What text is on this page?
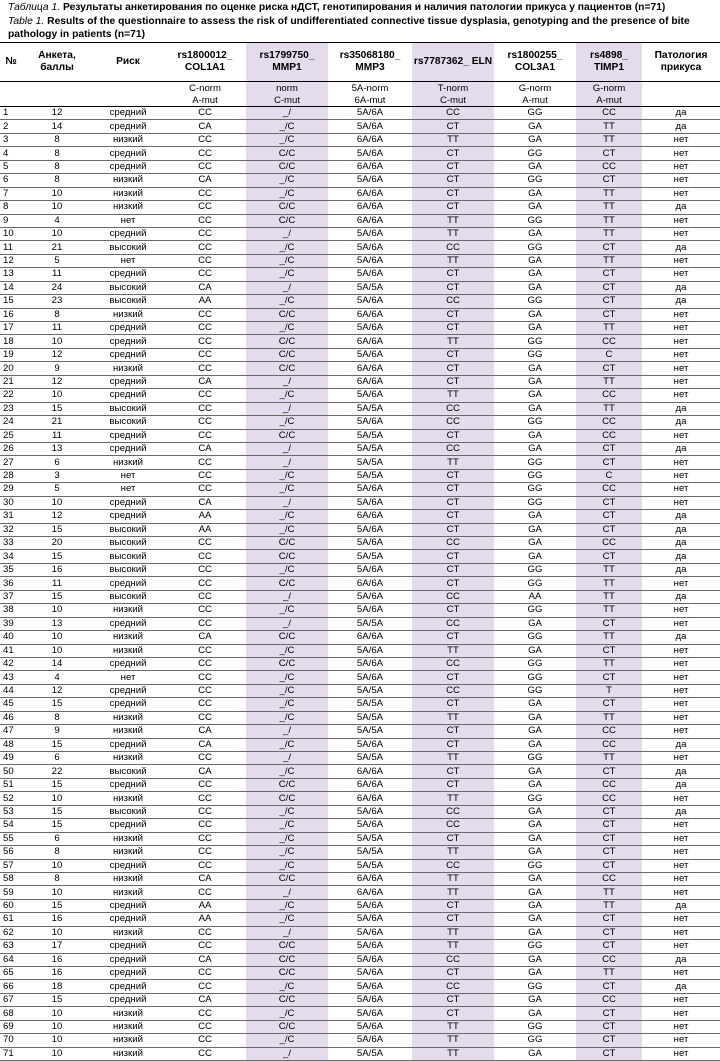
Таблица 1. Результаты анкетирования по оценке риска нДСТ, генотипирования и наличия патологии прикуса у пациентов (n=71)

Table 1. Results of the questionnaire to assess the risk of undifferentiated connective tissue dysplasia, genotyping and the presence of bite pathology in patients (n=71)

№	Анкета, баллы	Риск	rs1800012_ COL1A1	rs1799750_ MMP1	rs35068180_ MMP3	rs7787362_ ELN	rs1800255_ COL3A1	rs4898_ TIMP1	Патология прикуса
			C-norm	norm	5A-norm	T-norm	G-norm	G-norm	
			A-mut	C-mut	6A-mut	C-mut	A-mut	A-mut	
1	12	средний	CC	_/	5A/6A	CC	GG	CC	да
2	14	средний	CA	_/C	5A/6A	CT	GA	TT	да
3	8	низкий	CC	_/C	6A/6A	TT	GA	TT	нет
4	8	средний	CC	C/C	5A/6A	CT	GG	CT	нет
5	8	средний	CC	C/C	6A/6A	CT	GA	CC	нет
6	8	низкий	CA	_/C	5A/6A	CT	GG	CT	нет
7	10	низкий	CC	_/C	6A/6A	CT	GA	TT	нет
8	10	низкий	CC	C/C	6A/6A	CT	GA	TT	да
9	4	нет	CC	C/C	6A/6A	TT	GG	TT	нет
10	10	средний	CC	_/	5A/6A	TT	GA	TT	нет
11	21	высокий	CC	_/C	5A/6A	CC	GG	CT	да
12	5	нет	CC	_/C	5A/6A	TT	GA	TT	нет
13	11	средний	CC	_/C	5A/6A	CT	GA	CT	нет
14	24	высокий	CA	_/	5A/5A	CT	GA	CT	да
15	23	высокий	AA	_/C	5A/6A	CC	GG	CT	да
16	8	низкий	CC	C/C	6A/6A	CT	GA	CT	нет
17	11	средний	CC	_/C	5A/6A	CT	GA	TT	нет
18	10	средний	CC	C/C	6A/6A	TT	GG	CC	нет
19	12	средний	CC	C/C	5A/6A	CT	GG	C	нет
20	9	низкий	CC	C/C	6A/6A	CT	GA	CT	нет
21	12	средний	CA	_/	6A/6A	CT	GA	TT	нет
22	10	средний	CC	_/C	5A/6A	TT	GA	CC	нет
23	15	высокий	CC	_/	5A/5A	CC	GA	TT	да
24	21	высокий	CC	_/C	5A/6A	CC	GG	CC	да
25	11	средний	CC	C/C	5A/5A	CT	GA	CC	нет
26	13	средний	CA	_/	5A/5A	CC	GA	CT	да
27	6	низкий	CC	_/	5A/5A	TT	GG	CT	нет
28	3	нет	CC	_/C	5A/5A	CT	GG	C	нет
29	5	нет	CC	_/C	5A/6A	CT	GG	CC	нет
30	10	средний	CA	_/	5A/6A	CT	GG	CT	нет
31	12	средний	AA	_/C	6A/6A	CT	GA	CT	да
32	15	высокий	AA	_/C	5A/6A	CT	GA	CT	да
33	20	высокий	CC	C/C	5A/6A	CC	GA	CC	да
34	15	высокий	CC	C/C	5A/5A	CT	GA	CT	да
35	16	высокий	CC	_/C	5A/6A	CT	GG	TT	да
36	11	средний	CC	C/C	6A/6A	CT	GG	TT	нет
37	15	высокий	CC	_/	5A/6A	CC	AA	TT	да
38	10	низкий	CC	_/C	5A/6A	CT	GG	TT	нет
39	13	средний	CC	_/	5A/5A	CC	GA	CT	нет
40	10	низкий	CA	C/C	6A/6A	CT	GG	TT	да
41	10	низкий	CC	_/C	5A/6A	TT	GA	CT	нет
42	14	средний	CC	C/C	5A/6A	CC	GG	TT	нет
43	4	нет	CC	_/C	5A/6A	CT	GG	CT	нет
44	12	средний	CC	_/C	5A/5A	CC	GG	T	нет
45	15	средний	CC	_/C	5A/5A	CT	GA	CT	нет
46	8	низкий	CC	_/C	5A/5A	TT	GA	TT	нет
47	9	низкий	CA	_/	5A/5A	CT	GA	CC	нет
48	15	средний	CA	_/C	5A/6A	CT	GA	CC	да
49	6	низкий	CC	_/	5A/5A	TT	GG	TT	нет
50	22	высокий	CA	_/C	6A/6A	CT	GA	CT	да
51	15	средний	CC	C/C	6A/6A	CT	GA	CC	да
52	10	низкий	CC	C/C	6A/6A	TT	GG	CC	нет
53	15	высокий	CC	_/C	5A/6A	CC	GA	CT	да
54	15	средний	CC	_/C	5A/6A	CC	GA	CT	нет
55	6	низкий	CC	_/C	5A/5A	CT	GA	CT	нет
56	8	низкий	CC	_/C	5A/5A	TT	GA	CT	нет
57	10	средний	CC	_/C	5A/5A	CC	GG	CT	нет
58	8	низкий	CA	C/C	6A/6A	TT	GA	CC	нет
59	10	низкий	CC	_/	6A/6A	TT	GA	TT	нет
60	15	средний	AA	_/C	5A/6A	CT	GA	TT	да
61	16	средний	AA	_/C	5A/6A	CT	GA	CT	нет
62	10	низкий	CC	_/	5A/6A	TT	GA	CT	нет
63	17	средний	CC	C/C	5A/6A	TT	GG	CT	нет
64	16	средний	CA	C/C	5A/6A	CC	GA	CC	да
65	16	средний	CC	C/C	5A/6A	CT	GA	TT	нет
66	18	средний	CC	_/C	5A/6A	CC	GG	CT	да
67	15	средний	CA	C/C	5A/6A	CT	GA	CC	нет
68	10	низкий	CC	_/C	5A/6A	CT	GA	CT	нет
69	10	низкий	CC	C/C	5A/6A	TT	GG	CT	нет
70	10	низкий	CC	_/C	5A/6A	TT	GG	CT	нет
71	10	низкий	CC	_/	5A/5A	TT	GA	CT	нет
